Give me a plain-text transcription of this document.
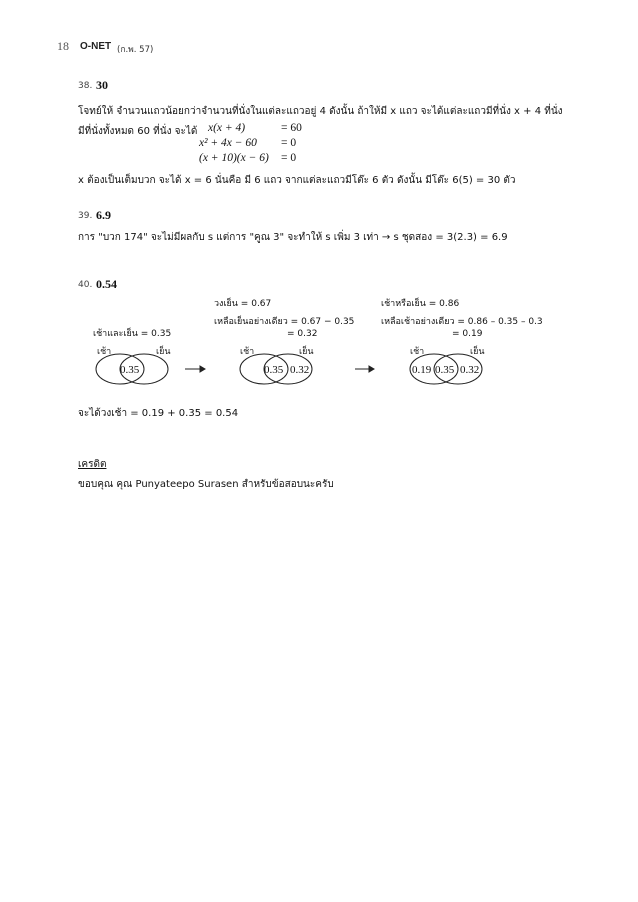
18 O-NET (ก.พ. 57)
38. 30
โจทย์ให้ จำนวนแถวน้อยกว่าจำนวนที่นั่งในแต่ละแถวอยู่ 4 ดังนั้น ถ้าให้มี x แถว จะได้แต่ละแถวมีที่นั่ง x + 4 ที่นั่ง
มีที่นั่งทั้งหมด 60 ที่นั่ง จะได้ x(x + 4)	= 60
x² + 4x − 60 = 0
(x + 10)(x − 6) = 0
x ต้องเป็นเต็มบวก จะได้ x = 6 นั่นคือ มี 6 แถว จากแต่ละแถวมีโต๊ะ 6 ตัว ดังนั้น มีโต๊ะ 6(5) = 30 ตัว
39. 6.9
การ "บวก 174" จะไม่มีผลกับ s แต่การ "คูณ 3" จะทำให้ s เพิ่ม 3 เท่า → s ชุดสอง = 3(2.3) = 6.9
40. 0.54
วงเย็น = 0.67
เหลือเย็นอย่างเดียว = 0.67 − 0.35
= 0.32
เช้าหรือเย็น = 0.86
เหลือเช้าอย่างเดียว = 0.86 – 0.35 – 0.3
= 0.19
เช้าและเย็น = 0.35
เช้า	เย็น	เช้า	เย็น	เช้า	เย็น
0.35	0.35 0.32	0.19 0.35 0.32
จะได้วงเช้า = 0.19 + 0.35 = 0.54
เครดิต
ขอบคุณ คุณ Punyateepo Surasen สำหรับข้อสอบนะครับ
